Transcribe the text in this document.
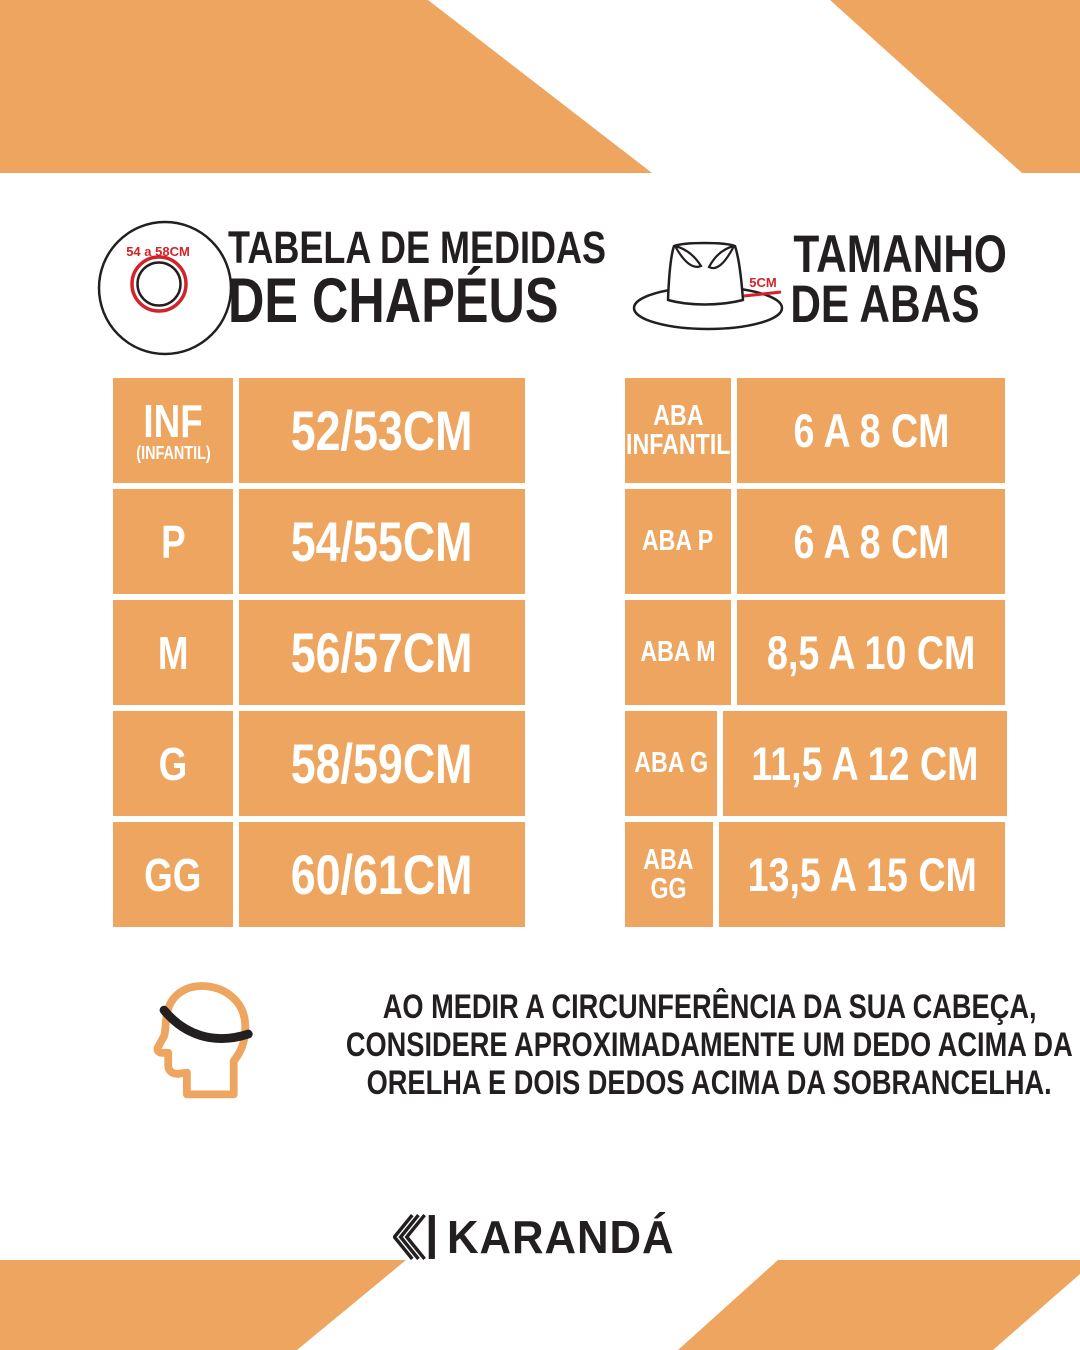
54 a 58CM TABELA DE MEDIDAS
DE CHAPÉUS	5CM TAMANHO
DE ABAS
INF
(INFANTIL) 52/53CM
P 54/55CM
M 56/57CM
G 58/59CM
GG 60/61CM
ABA
INFANTIL 6 A 8 CM
ABA P 6 A 8 CM
ABA M 8,5 A 10 CM
ABA G 11,5 A 12 CM
ABA
GG 13,5 A 15 CM
AO MEDIR A CIRCUNFERÊNCIA DA SUA CABEÇA,
CONSIDERE APROXIMADAMENTE UM DEDO ACIMA DA
ORELHA E DOIS DEDOS ACIMA DA SOBRANCELHA.
KARANDÁ
